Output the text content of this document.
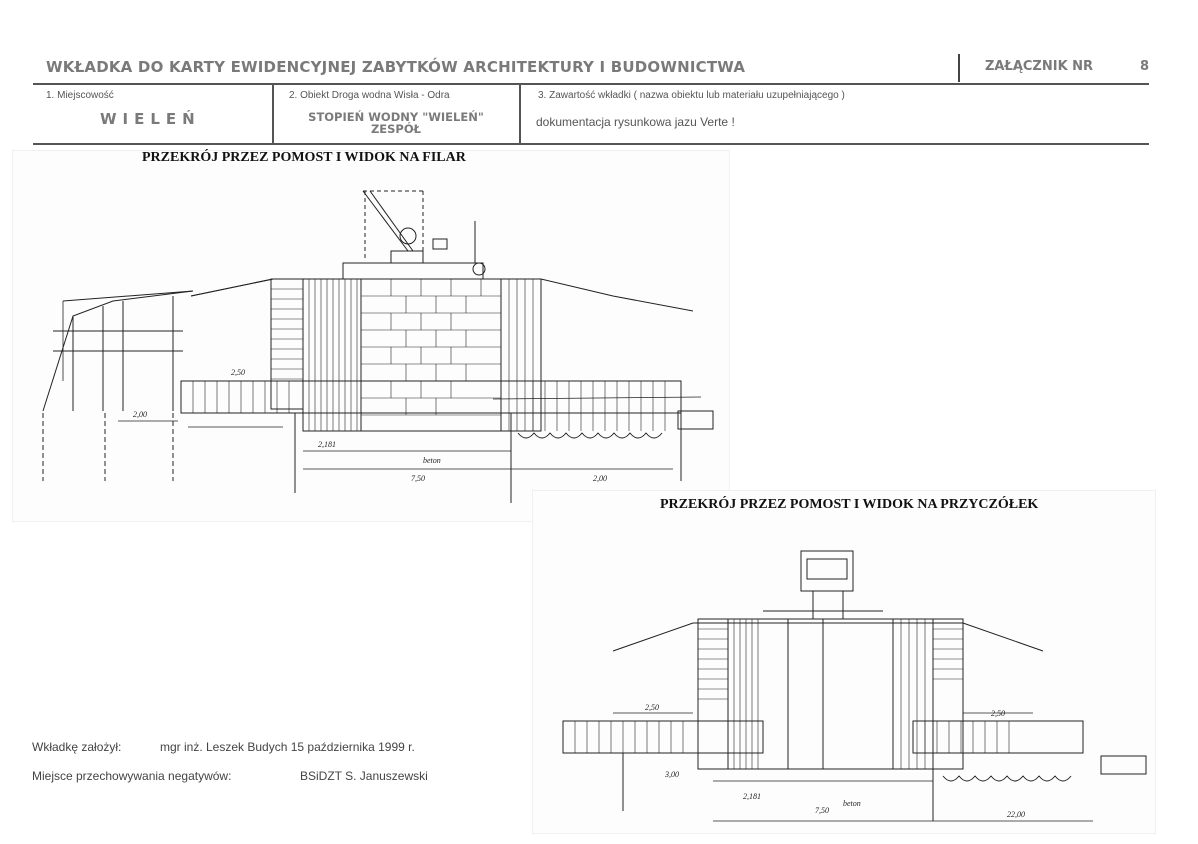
WKŁADKA DO KARTY EWIDENCYJNEJ ZABYTKÓW ARCHITEKTURY I BUDOWNICTWA	ZAŁĄCZNIK NR	8
1. Miejscowość
WIELEŃ
2. Obiekt Droga wodna Wisła - Odra
STOPIEŃ WODNY "WIELEŃ"
ZESPÓŁ
3. Zawartość wkładki ( nazwa obiektu lub materiału uzupełniającego )
dokumentacja rysunkowa jazu Verte !
2,50
2,00
7,50	2,00
2,181
beton
PRZEKRÓJ PRZEZ POMOST I WIDOK NA FILAR
2,50
2,50
3,00
2,181
7,50	22,00
beton
PRZEKRÓJ PRZEZ POMOST I WIDOK NA PRZYCZÓŁEK
Wkładkę założył:	mgr inż. Leszek Budych 15 października 1999 r.
Miejsce przechowywania negatywów:	BSiDZT S. Januszewski
